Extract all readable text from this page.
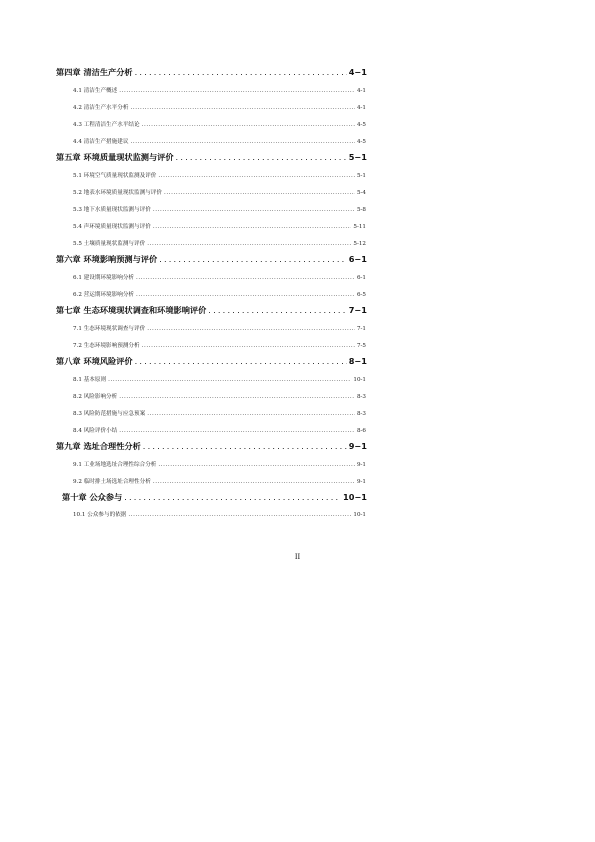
第四章 清洁生产分析 .....	4−1
4.1 清洁生产概述 .....	4-1
4.2 清洁生产水平分析 .....	4-1
4.3 工程清洁生产水平结论 .....	4-5
4.4 清洁生产措施建议 .....	4-5
第五章 环境质量现状监测与评价 .....	5−1
5.1 环境空气质量现状监测及评价 .....	5-1
5.2 地表水环境质量现状监测与评价 .....	5-4
5.3 地下水质量现状监测与评价 .....	5-8
5.4 声环境质量现状监测与评价 .....	5-11
5.5 土壤质量现状监测与评价 .....	5-12
第六章 环境影响预测与评价 .....	6−1
6.1 建设期环境影响分析 .....	6-1
6.2 营运期环境影响分析 .....	6-5
第七章 生态环境现状调查和环境影响评价 .....	7−1
7.1 生态环境现状调查与评价 .....	7-1
7.2 生态环境影响预测分析 .....	7-5
第八章 环境风险评价 .....	8−1
8.1 基本原则 .....	10-1
8.2 风险影响分析 .....	8-3
8.3 风险防范措施与应急预案 .....	8-3
8.4 风险评价小结 .....	8-6
第九章 选址合理性分析 .....	9−1
9.1 工业场地选址合理性综合分析 .....	9-1
9.2 临时排土场选址合理性分析 .....	9-1
第十章 公众参与 .....	10−1
10.1 公众参与的依据 .....	10-1
II
